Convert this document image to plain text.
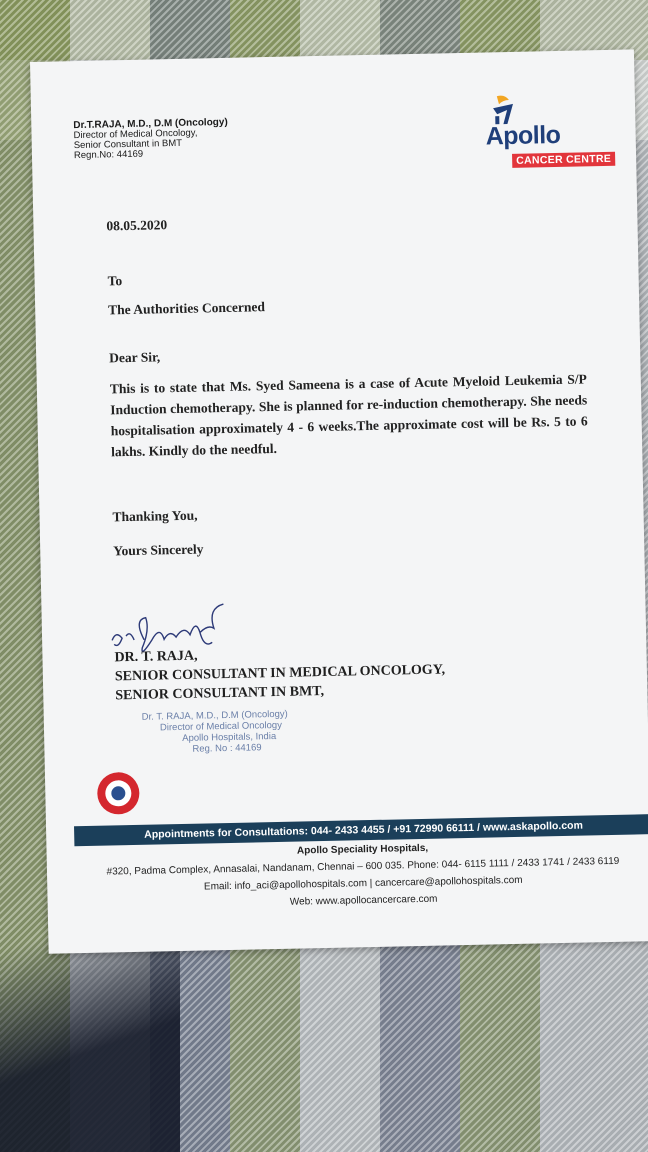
Dr.T.RAJA, M.D., D.M (Oncology)
Director of Medical Oncology,
Senior Consultant in BMT
Regn.No: 44169
Apollo
CANCER CENTRE
08.05.2020
To
The Authorities Concerned
Dear Sir,
This is to state that Ms. Syed Sameena is a case of Acute Myeloid Leukemia S/P Induction chemotherapy. She is planned for re-induction chemotherapy. She needs hospitalisation approximately 4 - 6 weeks.The approximate cost will be Rs. 5 to 6 lakhs. Kindly do the needful.
Thanking You,
Yours Sincerely
DR. T. RAJA,
SENIOR CONSULTANT IN MEDICAL ONCOLOGY,
SENIOR CONSULTANT IN BMT,
Dr. T. RAJA, M.D., D.M (Oncology)
Director of Medical Oncology
Apollo Hospitals, India
Reg. No : 44169
Appointments for Consultations: 044- 2433 4455 / +91 72990 66111 / www.askapollo.com
Apollo Speciality Hospitals,
#320, Padma Complex, Annasalai, Nandanam, Chennai – 600 035. Phone: 044- 6115 1111 / 2433 1741 / 2433 6119
Email: info_aci@apollohospitals.com | cancercare@apollohospitals.com
Web: www.apollocancercare.com
